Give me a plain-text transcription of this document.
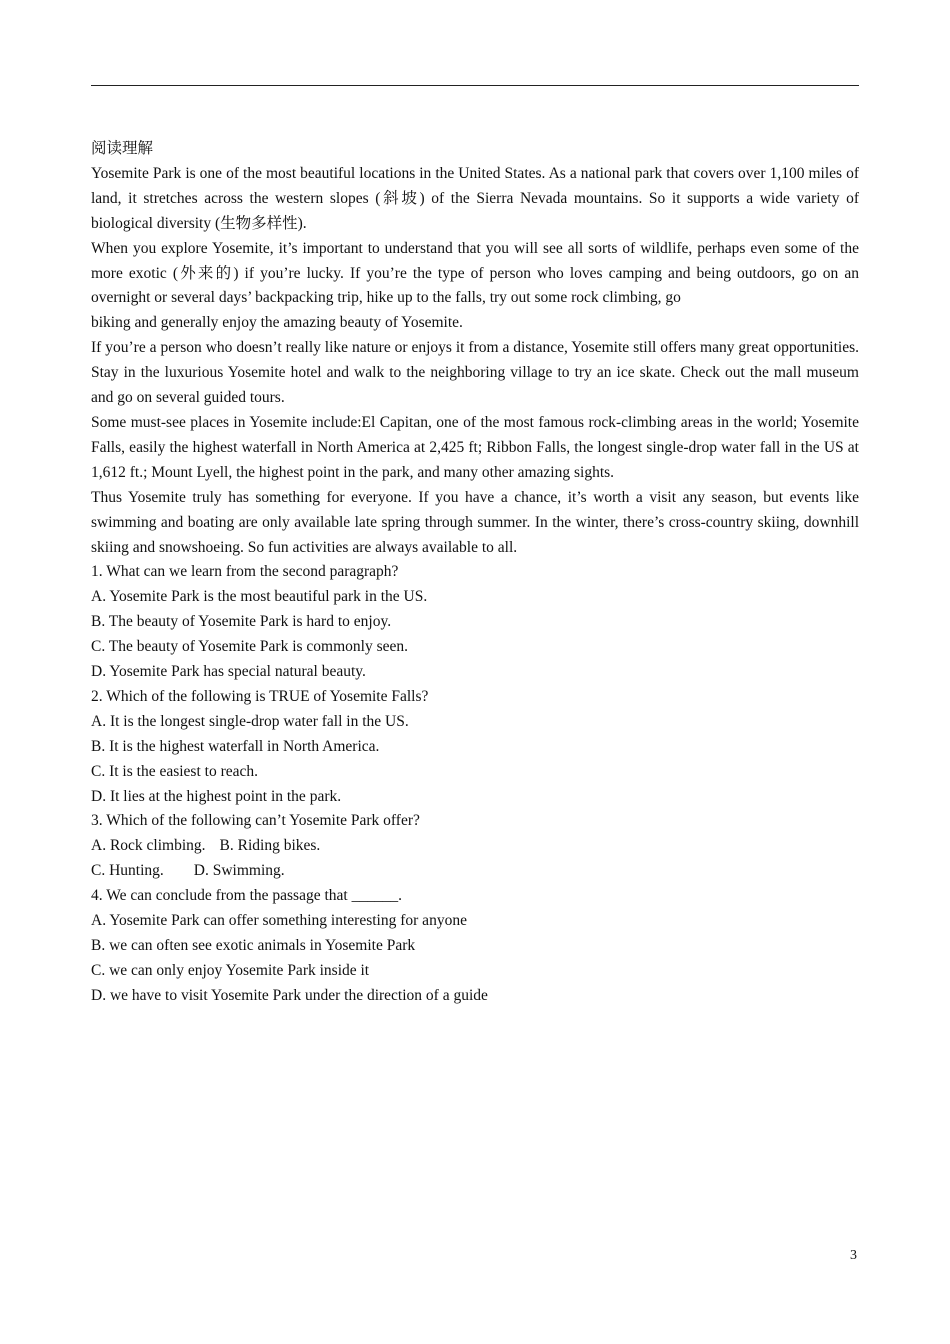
阅读理解

Yosemite Park is one of the most beautiful locations in the United States. As a national park that covers over 1,100 miles of land, it stretches across the western slopes (斜坡) of the Sierra Nevada mountains. So it supports a wide variety of biological diversity (生物多样性).

When you explore Yosemite, it’s important to understand that you will see all sorts of wildlife, perhaps even some of the more exotic (外来的) if you’re lucky. If you’re the type of person who loves camping and being outdoors, go on an overnight or several days’ backpacking trip, hike up to the falls, try out some rock climbing, go

biking and generally enjoy the amazing beauty of Yosemite.

If you’re a person who doesn’t really like nature or enjoys it from a distance, Yosemite still offers many great opportunities. Stay in the luxurious Yosemite hotel and walk to the neighboring village to try an ice skate. Check out the mall museum and go on several guided tours.

Some must-see places in Yosemite include:El Capitan, one of the most famous rock-climbing areas in the world; Yosemite Falls, easily the highest waterfall in North America at 2,425 ft; Ribbon Falls, the longest single-drop water fall in the US at 1,612 ft.; Mount Lyell, the highest point in the park, and many other amazing sights.

Thus Yosemite truly has something for everyone. If you have a chance, it’s worth a visit any season, but events like swimming and boating are only available late spring through summer. In the winter, there’s cross-country skiing, downhill skiing and snowshoeing. So fun activities are always available to all.

1. What can we learn from the second paragraph?

A. Yosemite Park is the most beautiful park in the US.

B. The beauty of Yosemite Park is hard to enjoy.

C. The beauty of Yosemite Park is commonly seen.

D. Yosemite Park has special natural beauty.

2. Which of the following is TRUE of Yosemite Falls?

A. It is the longest single-drop water fall in the US.

B. It is the highest waterfall in North America.

C. It is the easiest to reach.

D. It lies at the highest point in the park.

3. Which of the following can’t Yosemite Park offer?

A. Rock climbing. B. Riding bikes.

C. Hunting. D. Swimming.

4. We can conclude from the passage that ______.

A. Yosemite Park can offer something interesting for anyone

B. we can often see exotic animals in Yosemite Park

C. we can only enjoy Yosemite Park inside it

D. we have to visit Yosemite Park under the direction of a guide

3
